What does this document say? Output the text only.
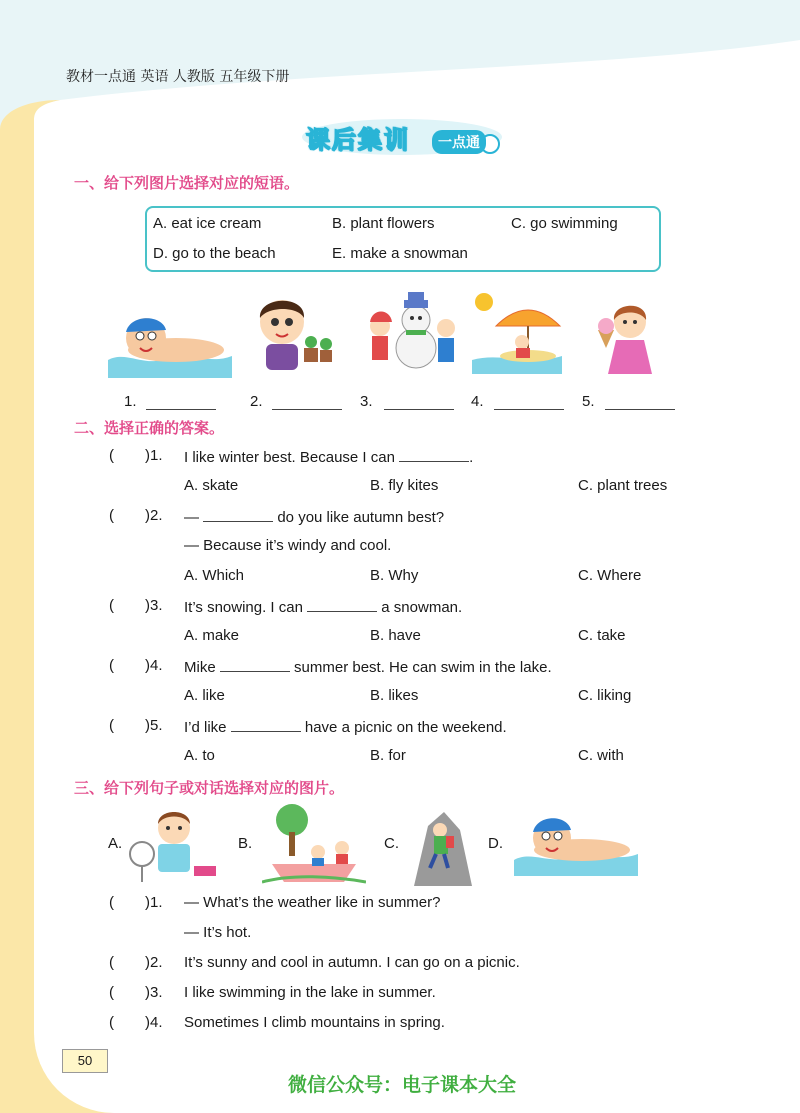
教材一点通 英语 人教版 五年级下册
课后集训	一点通
一、给下列图片选择对应的短语。
A. eat ice cream	B. plant flowers	C. go swimming
D. go to the beach	E. make a snowman
1.	2.	3.	4.	5.
二、选择正确的答案。
( )1. I like winter best. Because I can	.
A. skate	B. fly kites	C. plant trees
( )2. —	do you like autumn best?
— Because it’s windy and cool.
A. Which	B. Why	C. Where
( )3. It’s snowing. I can	a snowman.
A. make	B. have	C. take
( )4. Mike	summer best. He can swim in the lake.
A. like	B. likes	C. liking
( )5. I’d like	have a picnic on the weekend.
A. to	B. for	C. with
三、给下列句子或对话选择对应的图片。
A.	B.	C.	D.
( )1. — What’s the weather like in summer?
— It’s hot.
( )2. It’s sunny and cool in autumn. I can go on a picnic.
( )3. I like swimming in the lake in summer.
( )4. Sometimes I climb mountains in spring.
50
微信公众号：电子课本大全
